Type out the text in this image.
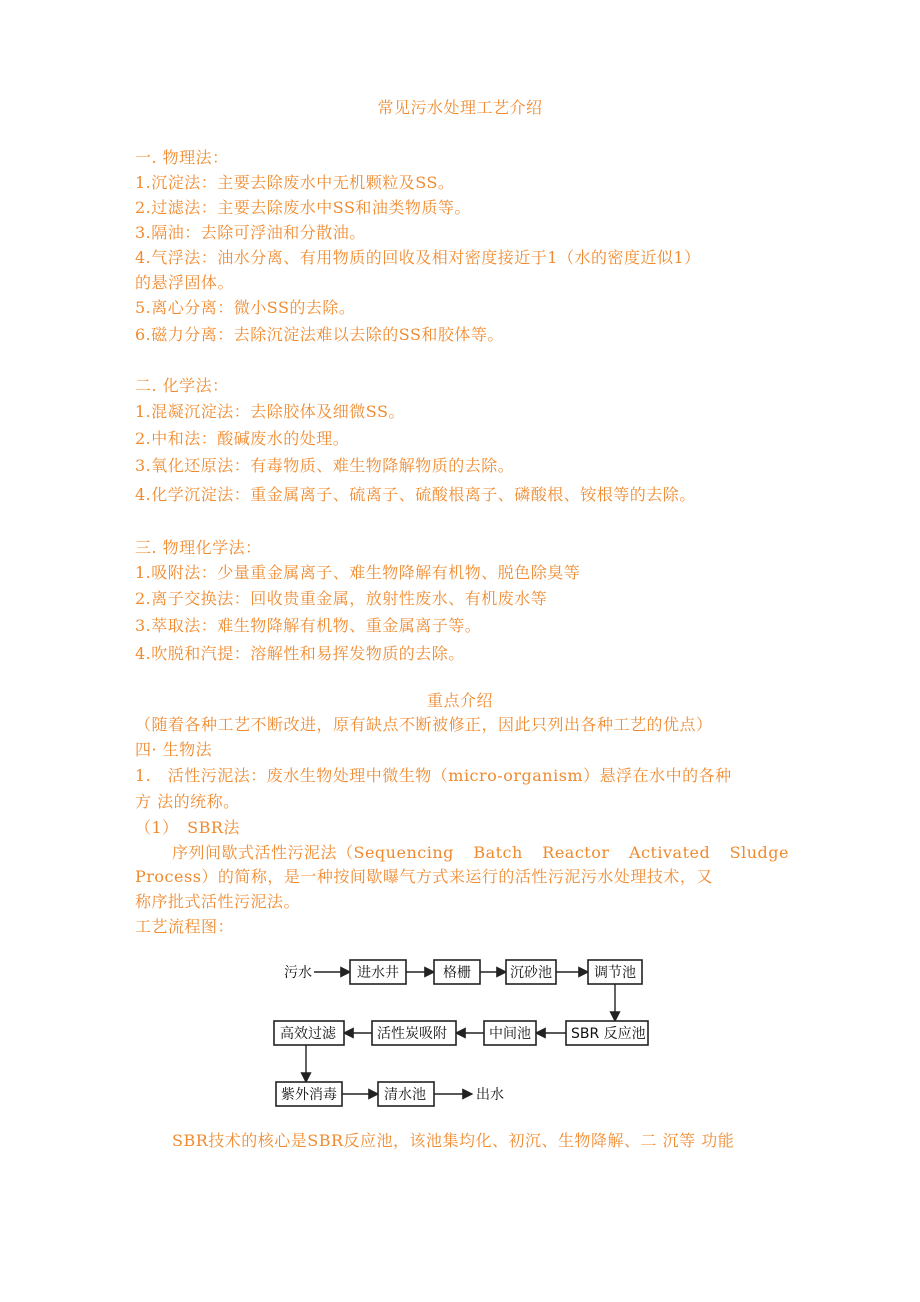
常见污水处理工艺介绍
一. 物理法：
1.沉淀法：主要去除废水中无机颗粒及SS。
2.过滤法：主要去除废水中SS和油类物质等。
3.隔油：去除可浮油和分散油。
4.气浮法：油水分离、有用物质的回收及相对密度接近于1（水的密度近似1）
的悬浮固体。
5.离心分离：微小SS的去除。
6.磁力分离：去除沉淀法难以去除的SS和胶体等。
二. 化学法：
1.混凝沉淀法：去除胶体及细微SS。
2.中和法：酸碱废水的处理。
3.氧化还原法：有毒物质、难生物降解物质的去除。
4.化学沉淀法：重金属离子、硫离子、硫酸根离子、磷酸根、铵根等的去除。
三. 物理化学法：
1.吸附法：少量重金属离子、难生物降解有机物、脱色除臭等
2.离子交换法：回收贵重金属，放射性废水、有机废水等
3.萃取法：难生物降解有机物、重金属离子等。
4.吹脱和汽提：溶解性和易挥发物质的去除。
重点介绍
（随着各种工艺不断改进，原有缺点不断被修正，因此只列出各种工艺的优点）
四· 生物法
1.　活性污泥法：废水生物处理中微生物（micro-organism）悬浮在水中的各种
方 法的统称。
（1）　SBR法
序列间歇式活性污泥法（Sequencing Batch Reactor Activated Sludge
Process）的简称，是一种按间歇曝气方式来运行的活性污泥污水处理技术，又
称序批式活性污泥法。
工艺流程图：
污水	进水井	格栅	沉砂池	调节池
SBR 反应池
中间池
活性炭吸附
高效过滤
紫外消毒	清水池	出水
SBR技术的核心是SBR反应池，该池集均化、初沉、生物降解、二 沉等 功能
